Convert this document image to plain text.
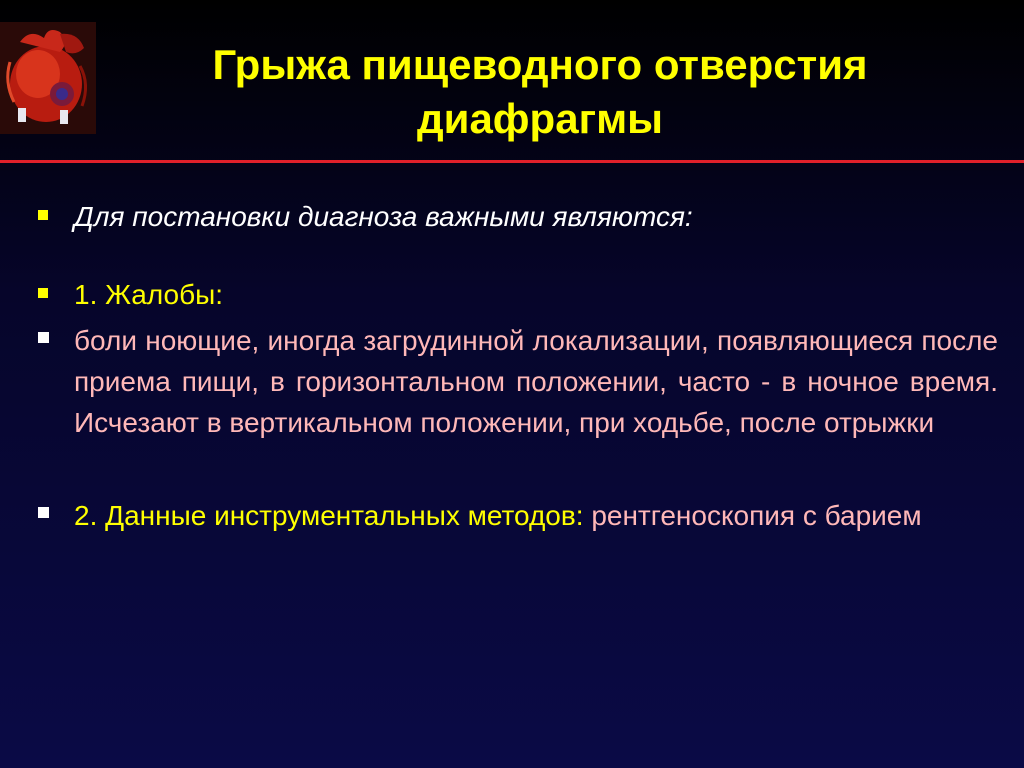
Грыжа пищеводного отверстия
диафрагмы

Для постановки диагноза важными являются:

1. Жалобы:

боли ноющие, иногда загрудинной локализации, появляющиеся после приема пищи, в горизонтальном положении, часто - в ночное время. Исчезают в вертикальном положении, при ходьбе, после отрыжки

2. Данные инструментальных методов: рентгеноскопия с барием
